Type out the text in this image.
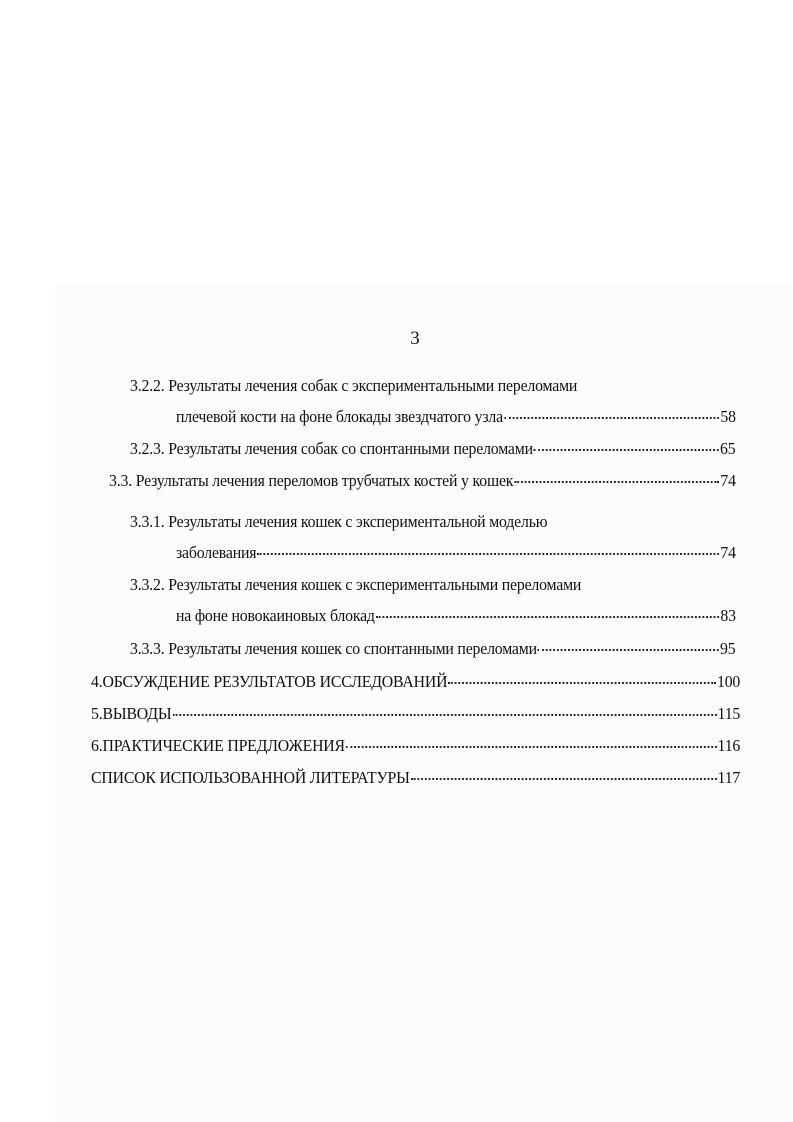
3
3.2.2. Результаты лечения собак с экспериментальными переломами
плечевой кости на фоне блокады звездчатого узла	58
3.2.3. Результаты лечения собак со спонтанными переломами	65
3.3. Результаты лечения переломов трубчатых костей у кошек	74
3.3.1. Результаты лечения кошек с экспериментальной моделью
заболевания	74
3.3.2. Результаты лечения кошек с экспериментальными переломами
на фоне новокаиновых блокад	83
3.3.3. Результаты лечения кошек со спонтанными переломами	95
4.ОБСУЖДЕНИЕ РЕЗУЛЬТАТОВ ИССЛЕДОВАНИЙ	100
5.ВЫВОДЫ	115
6.ПРАКТИЧЕСКИЕ ПРЕДЛОЖЕНИЯ	116
СПИСОК ИСПОЛЬЗОВАННОЙ ЛИТЕРАТУРЫ	117
